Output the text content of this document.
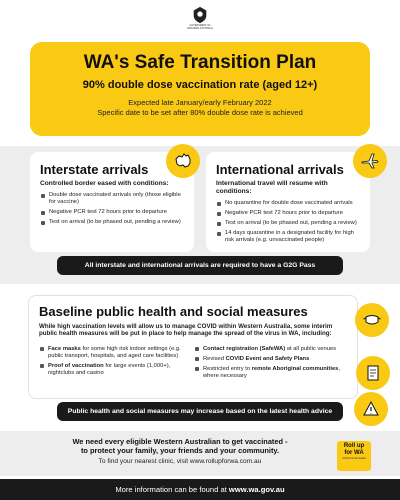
GOVERNMENT OF
WESTERN AUSTRALIA
WA's Safe Transition Plan
90% double dose vaccination rate (aged 12+)

Expected late January/early February 2022

Specific date to be set after 80% double dose rate is achieved

Interstate arrivals
Controlled border eased with conditions:
Double dose vaccinated arrivals only (those eligible for vaccine)
Negative PCR test 72 hours prior to departure
Test on arrival (to be phased out, pending a review)
International arrivals
International travel will resume with conditions:
No quarantine for double dose vaccinated arrivals
Negative PCR test 72 hours prior to departure
Test on arrival (to be phased out, pending a review)
14 days quarantine in a designated facility for high risk arrivals (e.g. unvaccinated people)
All interstate and international arrivals are required to have a G2G Pass
Baseline public health and social measures
While high vaccination levels will allow us to manage COVID within Western Australia, some interim public health measures will be put in place to help manage the spread of the virus in WA, including:
Face masks for some high risk indoor settings (e.g. public transport, hospitals, and aged care facilities)
Proof of vaccination for large events (1,000+), nightclubs and casino
Contact registration (SafeWA) at all public venues
Revised COVID Event and Safety Plans
Restricted entry to remote Aboriginal communities, where necessary
Public health and social measures may increase based on the latest health advice
We need every eligible Western Australian to get vaccinated -
to protect your family, your friends and your community.
To find your nearest clinic, visit www.rollupforwa.com.au
Roll up
for WA
COVID-19 Vaccination
More information can be found at www.wa.gov.au
